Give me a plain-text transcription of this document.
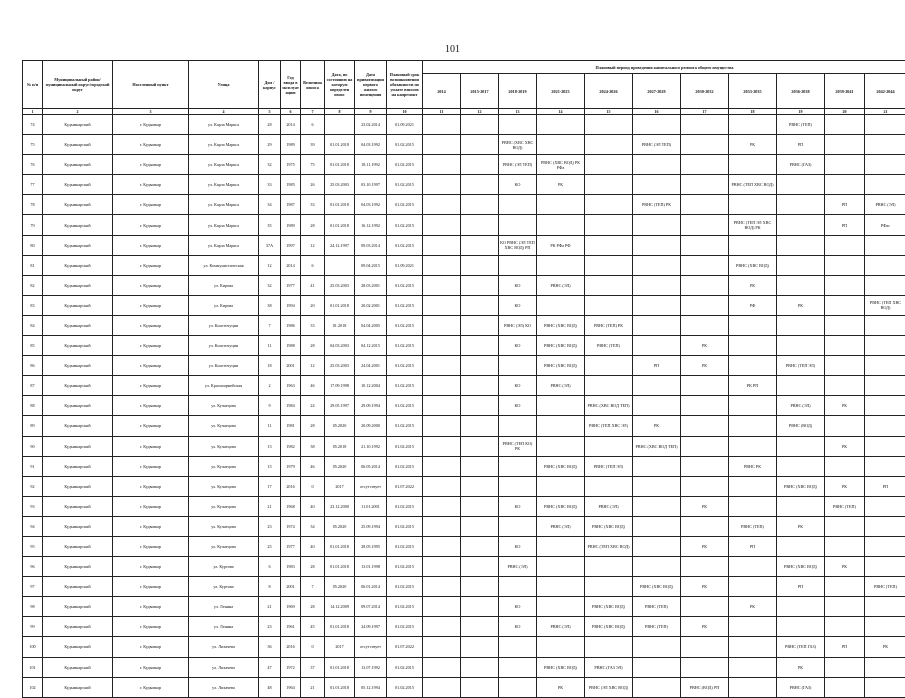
101
№ п/п	Муниципальный район/ муниципальный округ/городской округ	Населенный пункт	Улица	Дом / корпус	Год ввода в эксплуатацию	Величина износа	Дата, по состоянию на которую определен износ	Дата приватизации первого жилого помещения	Плановый срок возникновения обязанности по уплате взносов на капремонт	Плановый период проведения капитального ремонта общего имущества										
										2014	2015-2017	2018-2019	2021-2023	2024-2026	2027-2029	2030-2032	2033-2035	2036-2038	2039-2041	2042-2044
1	2	3	4	5	6	7	8	9	10	11	12	13	14	15	16	17	18	19	20	21
74	Кудымкарский	г. Кудымкар	ул. Карла Маркса	28	2014	6		23.02.2014	01.09.2021									РВНС (ТЕП)		
75	Кудымкарский	г. Кудымкар	ул. Карла Маркса	29	1989	39	01.01.2018	04.03.1992	01.02.2015			РВНС (ХВС ХВС ВОД)			РВНС (ЭЛ ТЕП)		РК	РП		
76	Кудымкарский	г. Кудымкар	ул. Карла Маркса	32	1975	75	01.01.2018	18.11.1992	01.02.2015			РВНС (ЭЛ ТЕП)	РВНС (ХВС ВОД) РК РФа					РВНС (ГАЗ)		
77	Кудымкарский	г. Кудымкар	ул. Карла Маркса	33	1985	26	25.03.2003	03.10.1997	01.02.2015			КО	РК				РВНС (ТЕП ХВС ВОД)			
78	Кудымкарский	г. Кудымкар	ул. Карла Маркса	34	1987	33	01.01.2018	04.03.1992	01.02.2015						РВНС (ТЕП) РК				РП	РВНС (ЭЛ)
79	Кудымкарский	г. Кудымкар	ул. Карла Маркса	35	1989	28	01.01.2018	16.12.1992	01.02.2015								РВНС (ТЕП ЭЛ ХВС ВОД) РК		РП	РФас
80	Кудымкарский	г. Кудымкар	ул. Карла Маркса	37А	1997	12	24.12.1997	09.03.2014	01.02.2015			КО РВНС (ЭЛ ТЕП ХВС ВОД) РП	РК РФа РФ							
81	Кудымкарский	г. Кудымкар	ул. Коммунистическая	12	2014	6		09.04.2015	01.09.2021								РВНС (ХВС ВОД)			
82	Кудымкарский	г. Кудымкар	ул. Кирова	32	1977	41	25.03.2003	28.03.2001	01.02.2015			КО	РВНС (ЭЛ)				РК			
83	Кудымкарский	г. Кудымкар	ул. Кирова	38	1994	20	01.01.2018	20.02.2001	01.02.2015			КО					РФ	РК		РВНС (ТЕП ХВС ВОД)
84	Кудымкарский	г. Кудымкар	ул. Конституции	7	1986	33	01.2018	04.04.2005	01.02.2015			РВНС (ЭЛ) КО	РВНС (ХВС ВОД)	РВНС (ТЕП) РК						
85	Кудымкарский	г. Кудымкар	ул. Конституции	11	1988	28	04.03.2003	04.12.2015	01.02.2015			КО	РВНС (ХВС ВОД)	РВНС (ТЕП)		РК				
86	Кудымкарский	г. Кудымкар	ул. Конституции	18	2001	12	25.03.2003	24.04.2001	01.02.2015				РВНС (ХВС ВОД)		РП	РК		РВНС (ТЕП ЭЛ)		
87	Кудымкарский	г. Кудымкар	ул. Красноармейская	2	1963	46	17.09.1998	10.12.2004	01.02.2015			КО	РВНС (ЭЛ)				РК РП			
88	Кудымкарский	г. Кудымкар	ул. Кузнецова	9	1984	24	29.05.1997	29.09.1994	01.02.2015			КО		РВНС (ХВС ВОД ТЕП)				РВНС (ЭЛ)	РК	
89	Кудымкарский	г. Кудымкар	ул. Кузнецова	11	1981	28	05.2020	20.09.2000	01.02.2015					РВНС (ТЕП ХВС ЭЛ)	РК			РВНС (ВОД)		
90	Кудымкарский	г. Кудымкар	ул. Кузнецова	13	1982	38	05.2018	21.10.1992	01.02.2015			РВНС (ТЕП КО) РК			РВНС (ХВС ВОД ТЕП)				РК	
91	Кудымкарский	г. Кудымкар	ул. Кузнецова	15	1979	46	05.2020	06.05.2014	01.02.2015				РВНС (ХВС ВОД)	РВНС (ТЕП ЭЛ)			РВНС РК			
92	Кудымкарский	г. Кудымкар	ул. Кузнецова	17	2016	0	2017	отсутствует	01.07.2022									РВНС (ХВС ВОД)	РК	РП
93	Кудымкарский	г. Кудымкар	ул. Кузнецова	21	1968	40	23.12.2000	11.01.2001	01.02.2015			КО	РВНС (ХВС ВОД)	РВНС (ЭЛ)		РК			РВНС (ТЕП)	
94	Кудымкарский	г. Кудымкар	ул. Кузнецова	23	1974	34	05.2020	25.09.1994	01.02.2015				РВНС (ЭЛ)	РВНС (ХВС ВОД)			РВНС (ТЕП)	РК		
95	Кудымкарский	г. Кудымкар	ул. Кузнецова	25	1977	40	01.01.2018	28.05.1995	01.02.2015			КО		РВНС (ТЕП ХВС ВОД)		РК	РП			
96	Кудымкарский	г. Кудымкар	ул. Куртова	6	1983	28	01.01.2018	13.01.1998	01.02.2015			РВНС (ЭЛ)						РВНС (ХВС ВОД)	РК	
97	Кудымкарский	г. Кудымкар	ул. Куртова	8	2001	7	05.2020	06.01.2014	01.02.2015						РВНС (ХВС ВОД)	РК		РП		РВНС (ТЕП)
98	Кудымкарский	г. Кудымкар	ул. Ленина	21	1969	28	14.12.2009	09.07.2014	01.02.2015			КО		РВНС (ХВС ВОД)	РВНС (ТЕП)		РК			
99	Кудымкарский	г. Кудымкар	ул. Ленина	23	1961	45	01.01.2018	24.09.1997	01.02.2015			КО	РВНС (ЭЛ)	РВНС (ХВС ВОД)	РВНС (ТЕП)	РК				
100	Кудымкарский	г. Кудымкар	ул. Лихачева	36	2016	0	2017	отсутствует	01.07.2022									РВНС (ТЕП ГАЗ)	РП	РК
101	Кудымкарский	г. Кудымкар	ул. Лихачева	47	1972	37	01.01.2018	13.07.1992	01.02.2015				РВНС (ХВС ВОД)	РВНС (ГАЗ ЭЛ)				РК		
102	Кудымкарский	г. Кудымкар	ул. Лихачева	48	1964	21	01.01.2018	05.12.1994	01.02.2015				РК	РВНС (ЭЛ ХВС ВОД)		РВНС (ВОД) РП		РВНС (ГАЗ)		
